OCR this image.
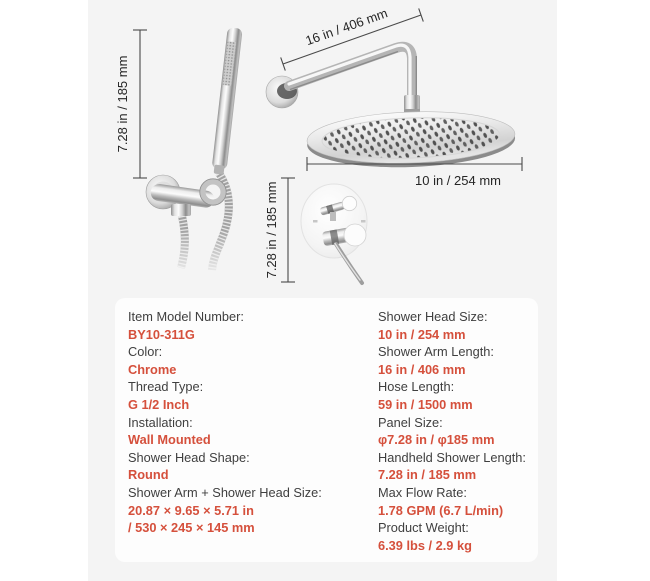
7.28 in / 185 mm
16 in / 406 mm
10 in / 254 mm
7.28 in / 185 mm
Item Model Number:
BY10-311G
Color:
Chrome
Thread Type:
G 1/2 Inch
Installation:
Wall Mounted
Shower Head Shape:
Round
Shower Arm + Shower Head Size:
20.87 × 9.65 × 5.71 in
/ 530 × 245 × 145 mm
Shower Head Size:
10 in / 254 mm
Shower Arm Length:
16 in / 406 mm
Hose Length:
59 in / 1500 mm
Panel Size:
φ7.28 in / φ185 mm
Handheld Shower Length:
7.28 in / 185 mm
Max Flow Rate:
1.78 GPM (6.7 L/min)
Product Weight:
6.39 lbs / 2.9 kg
